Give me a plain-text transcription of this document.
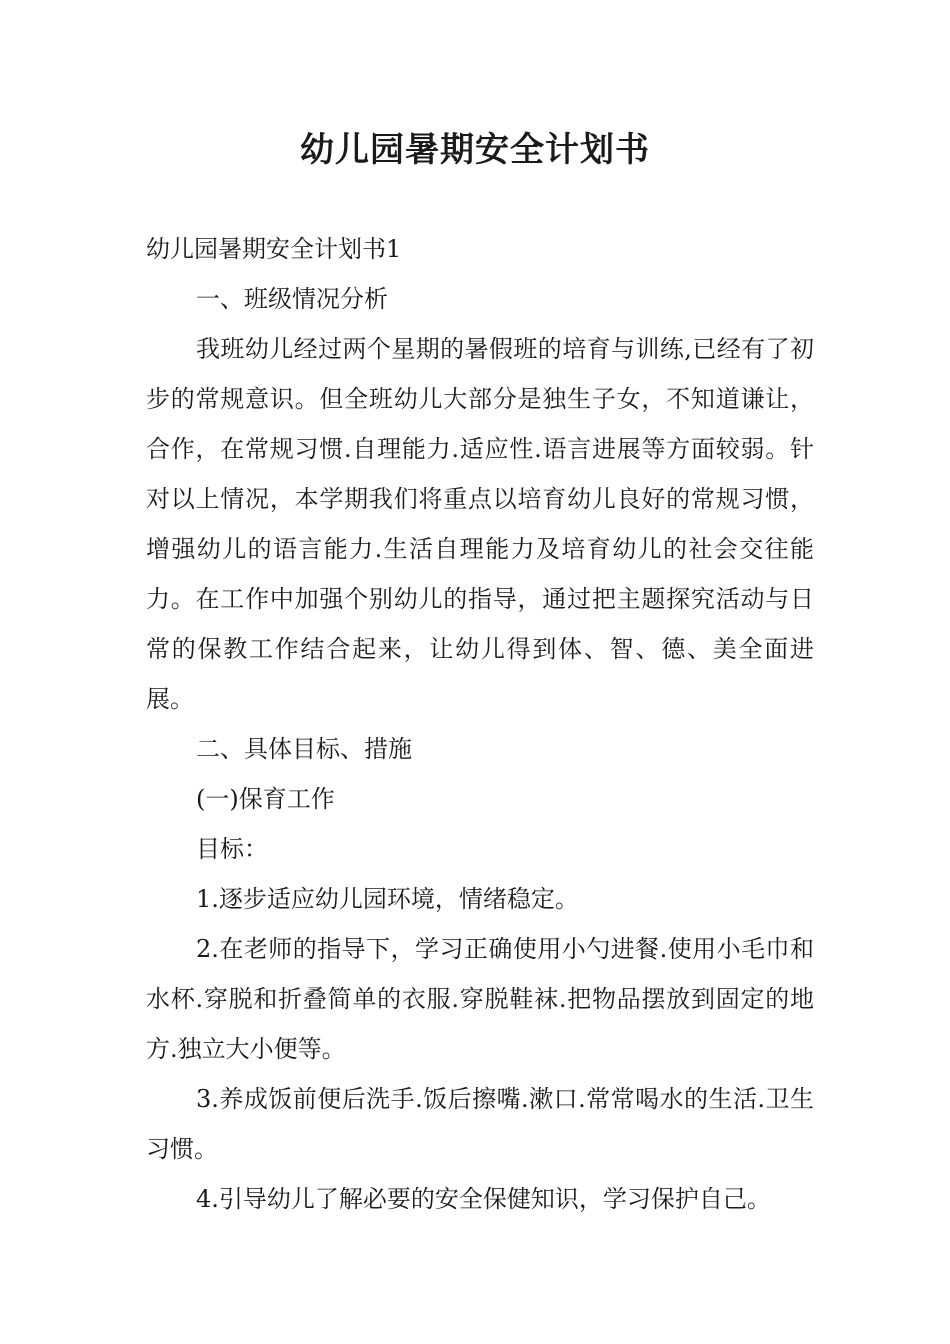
幼儿园暑期安全计划书

幼儿园暑期安全计划书1

一、班级情况分析

我班幼儿经过两个星期的暑假班的培育与训练,已经有了初步的常规意识。但全班幼儿大部分是独生子女，不知道谦让，合作，在常规习惯.自理能力.适应性.语言进展等方面较弱。针对以上情况，本学期我们将重点以培育幼儿良好的常规习惯，增强幼儿的语言能力.生活自理能力及培育幼儿的社会交往能力。在工作中加强个别幼儿的指导，通过把主题探究活动与日常的保教工作结合起来，让幼儿得到体、智、德、美全面进展。

二、具体目标、措施

(一)保育工作

目标：

1.逐步适应幼儿园环境，情绪稳定。

2.在老师的指导下，学习正确使用小勺进餐.使用小毛巾和水杯.穿脱和折叠简单的衣服.穿脱鞋袜.把物品摆放到固定的地方.独立大小便等。

3.养成饭前便后洗手.饭后擦嘴.漱口.常常喝水的生活.卫生习惯。

4.引导幼儿了解必要的安全保健知识，学习保护自己。
